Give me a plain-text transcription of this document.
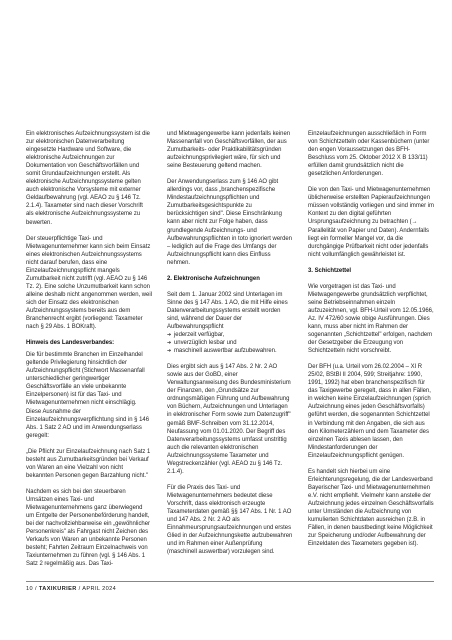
Ein elektronisches Aufzeichnungssystem ist die zur elektronischen Datenverarbeitung eingesetzte Hardware und Software, die elektronische Aufzeichnungen zur Dokumentation von Geschäftsvorfällen und somit Grundaufzeichnungen erstellt. Als elektronische Aufzeichnungssysteme gelten auch elektronische Vorsysteme mit externer Geldaufbewahrung (vgl. AEAO zu § 146 Tz. 2.1.4). Taxameter sind nach dieser Vorschrift als elektronische Aufzeichnungssysteme zu bewerten.

Der steuerpflichtige Taxi- und Mietwagenunternehmer kann sich beim Einsatz eines elektronischen Aufzeichnungssystems nicht darauf berufen, dass eine Einzelaufzeichnungspflicht mangels Zumutbarkeit nicht zutrifft (vgl. AEAO zu § 146 Tz. 2). Eine solche Unzumutbarkeit kann schon alleine deshalb nicht angenommen werden, weil sich der Einsatz des elektronischen Aufzeichnungssystems bereits aus dem Branchenrecht ergibt (vorliegend: Taxameter nach § 29 Abs. 1 BOKraft).

Hinweis des Landesverbandes:

Die für bestimmte Branchen im Einzelhandel geltende Privilegierung hinsichtlich der Aufzeichnungspflicht (Stichwort Massenanfall unterschiedlicher geringwertiger Geschäftsvorfälle an viele unbekannte Einzelpersonen) ist für das Taxi- und Mietwagenunternehmen nicht einschlägig. Diese Ausnahme der Einzelaufzeichnungsverpflichtung sind in § 146 Abs. 1 Satz 2 AO und im Anwendungserlass geregelt:

„Die Pflicht zur Einzelaufzeichnung nach Satz 1 besteht aus Zumutbarkeitsgründen bei Verkauf von Waren an eine Vielzahl von nicht bekannten Personen gegen Barzahlung nicht."

Nachdem es sich bei den steuerbaren Umsätzen eines Taxi- und Mietwagenunternehmens ganz überwiegend um Entgelte der Personenbeförderung handelt, bei der nachvollziehbarweise ein „gewöhnlicher Personenkreis" als Fahrgast nicht Zeichen des Verkaufs von Waren an unbekannte Personen besteht; Fahrten Zeitraum Einzelnachweis von Taxiunternehmen zu führen (vgl. § 146 Abs. 1 Satz 2 regelmäßig aus. Das Taxi-

und Mietwagengewerbe kann jedenfalls keinen Massenanfall von Geschäftsvorfällen, der aus Zumutbarkeits- oder Praktikabilitätsgründen aufzeichnungsprivilegiert wäre, für sich und seine Besteuerung geltend machen.

Der Anwendungserlass zum § 146 AO gibt allerdings vor, dass „branchenspezifische Mindestaufzeichnungspflichten und Zumutbarkeitsgesichtspunkte zu berücksichtigen sind". Diese Einschränkung kann aber nicht zur Folge haben, dass grundlegende Aufzeichnungs- und Aufbewahrungspflichten in toto ignoriert werden – lediglich auf die Frage des Umfangs der Aufzeichnungspflicht kann dies Einfluss nehmen.

2. Elektronische Aufzeichnungen

Seit dem 1. Januar 2002 sind Unterlagen im Sinne des § 147 Abs. 1 AO, die mit Hilfe eines Datenverarbeitungssystems erstellt worden sind, während der Dauer der Aufbewahrungspflicht

➔ jederzeit verfügbar,
➔ unverzüglich lesbar und
➔ maschinell auswertbar aufzubewahren.

Dies ergibt sich aus § 147 Abs. 2 Nr. 2 AO sowie aus der GoBD, einer Verwaltungsanweisung des Bundesministerium der Finanzen, den „Grundsätze zur ordnungsmäßigen Führung und Aufbewahrung von Büchern, Aufzeichnungen und Unterlagen in elektronischer Form sowie zum Datenzugriff" gemäß BMF-Schreiben vom 31.12.2014, Neufassung vom 01.01.2020. Der Begriff des Datenverarbeitungssystems umfasst unstrittig auch die relevanten elektronischen Aufzeichnungssysteme Taxameter und Wegstreckenzähler (vgl. AEAO zu § 146 Tz. 2.1.4).

Für die Praxis des Taxi- und Mietwagenunternehmers bedeutet diese Vorschrift, dass elektronisch erzeugte Taxameterdaten gemäß §§ 147 Abs. 1 Nr. 1 AO und 147 Abs. 2 Nr. 2 AO als Einnahmeursprungsaufzeichnungen und erstes Glied in der Aufzeichnungskette aufzubewahren und im Rahmen einer Außenprüfung (maschinell auswertbar) vorzulegen sind.

Einzelaufzeichnungen ausschließlich in Form von Schichtzetteln oder Kassenbüchern (unter den engen Voraussetzungen des BFH-Beschluss vom 25. Oktober 2012 X B 133/11) erfüllen damit grundsätzlich nicht die gesetzlichen Anforderungen.

Die von den Taxi- und Mietwagenunternehmen üblicherweise erstellten Papieraufzeichnungen müssen vollständig vorliegen und sind immer im Kontext zu den digital geführten Ursprungsaufzeichnung zu betrachten (→ Parallelität von Papier und Daten). Andernfalls liegt ein formeller Mangel vor, da die durchgängige Prüfbarkeit nicht oder jedenfalls nicht vollumfänglich gewährleistet ist.

3. Schichtzettel

Wie vorgetragen ist das Taxi- und Mietwagengewerbe grundsätzlich verpflichtet, seine Betriebseinnahmen einzeln aufzuzeichnen, vgl. BFH-Urteil vom 12.05.1966, Az. IV 472/60 sowie obige Ausführungen. Dies kann, muss aber nicht im Rahmen der sogenannten „Schichtzettel" erfolgen, nachdem der Gesetzgeber die Erzeugung von Schichtzetteln nicht vorschreibt.

Der BFH (u.a. Urteil vom 26.02.2004 – XI R 25/02, BStBl II 2004, 599; Streitjahre: 1990, 1991, 1992) hat eben branchenspezifisch für das Taxigewerbe geregelt, dass in allen Fällen, in welchen keine Einzelaufzeichnungen (sprich Aufzeichnung eines jeden Geschäftsvorfalls) geführt werden, die sogenannten Schichtzettel in Verbindung mit den Angaben, die sich aus den Kilometerzählern und dem Taxameter des einzelnen Taxis ablesen lassen, den Mindestanforderungen der Einzelaufzeichnungspflicht genügen.

Es handelt sich hierbei um eine Erleichterungsregelung, die der Landesverband Bayerischer Taxi- und Mietwagenunternehmen e.V. nicht empfiehlt. Vielmehr kann anstelle der Aufzeichnung jedes einzelnen Geschäftsvorfalls unter Umständen die Aufzeichnung von kumulierten Schichtdaten ausreichen (z.B. in Fällen, in denen baustbedingt keine Möglichkeit zur Speicherung und/oder Aufbewahrung der Einzeldaten des Taxameters gegeben ist).

10 / TAXIKURIER / APRIL 2024
